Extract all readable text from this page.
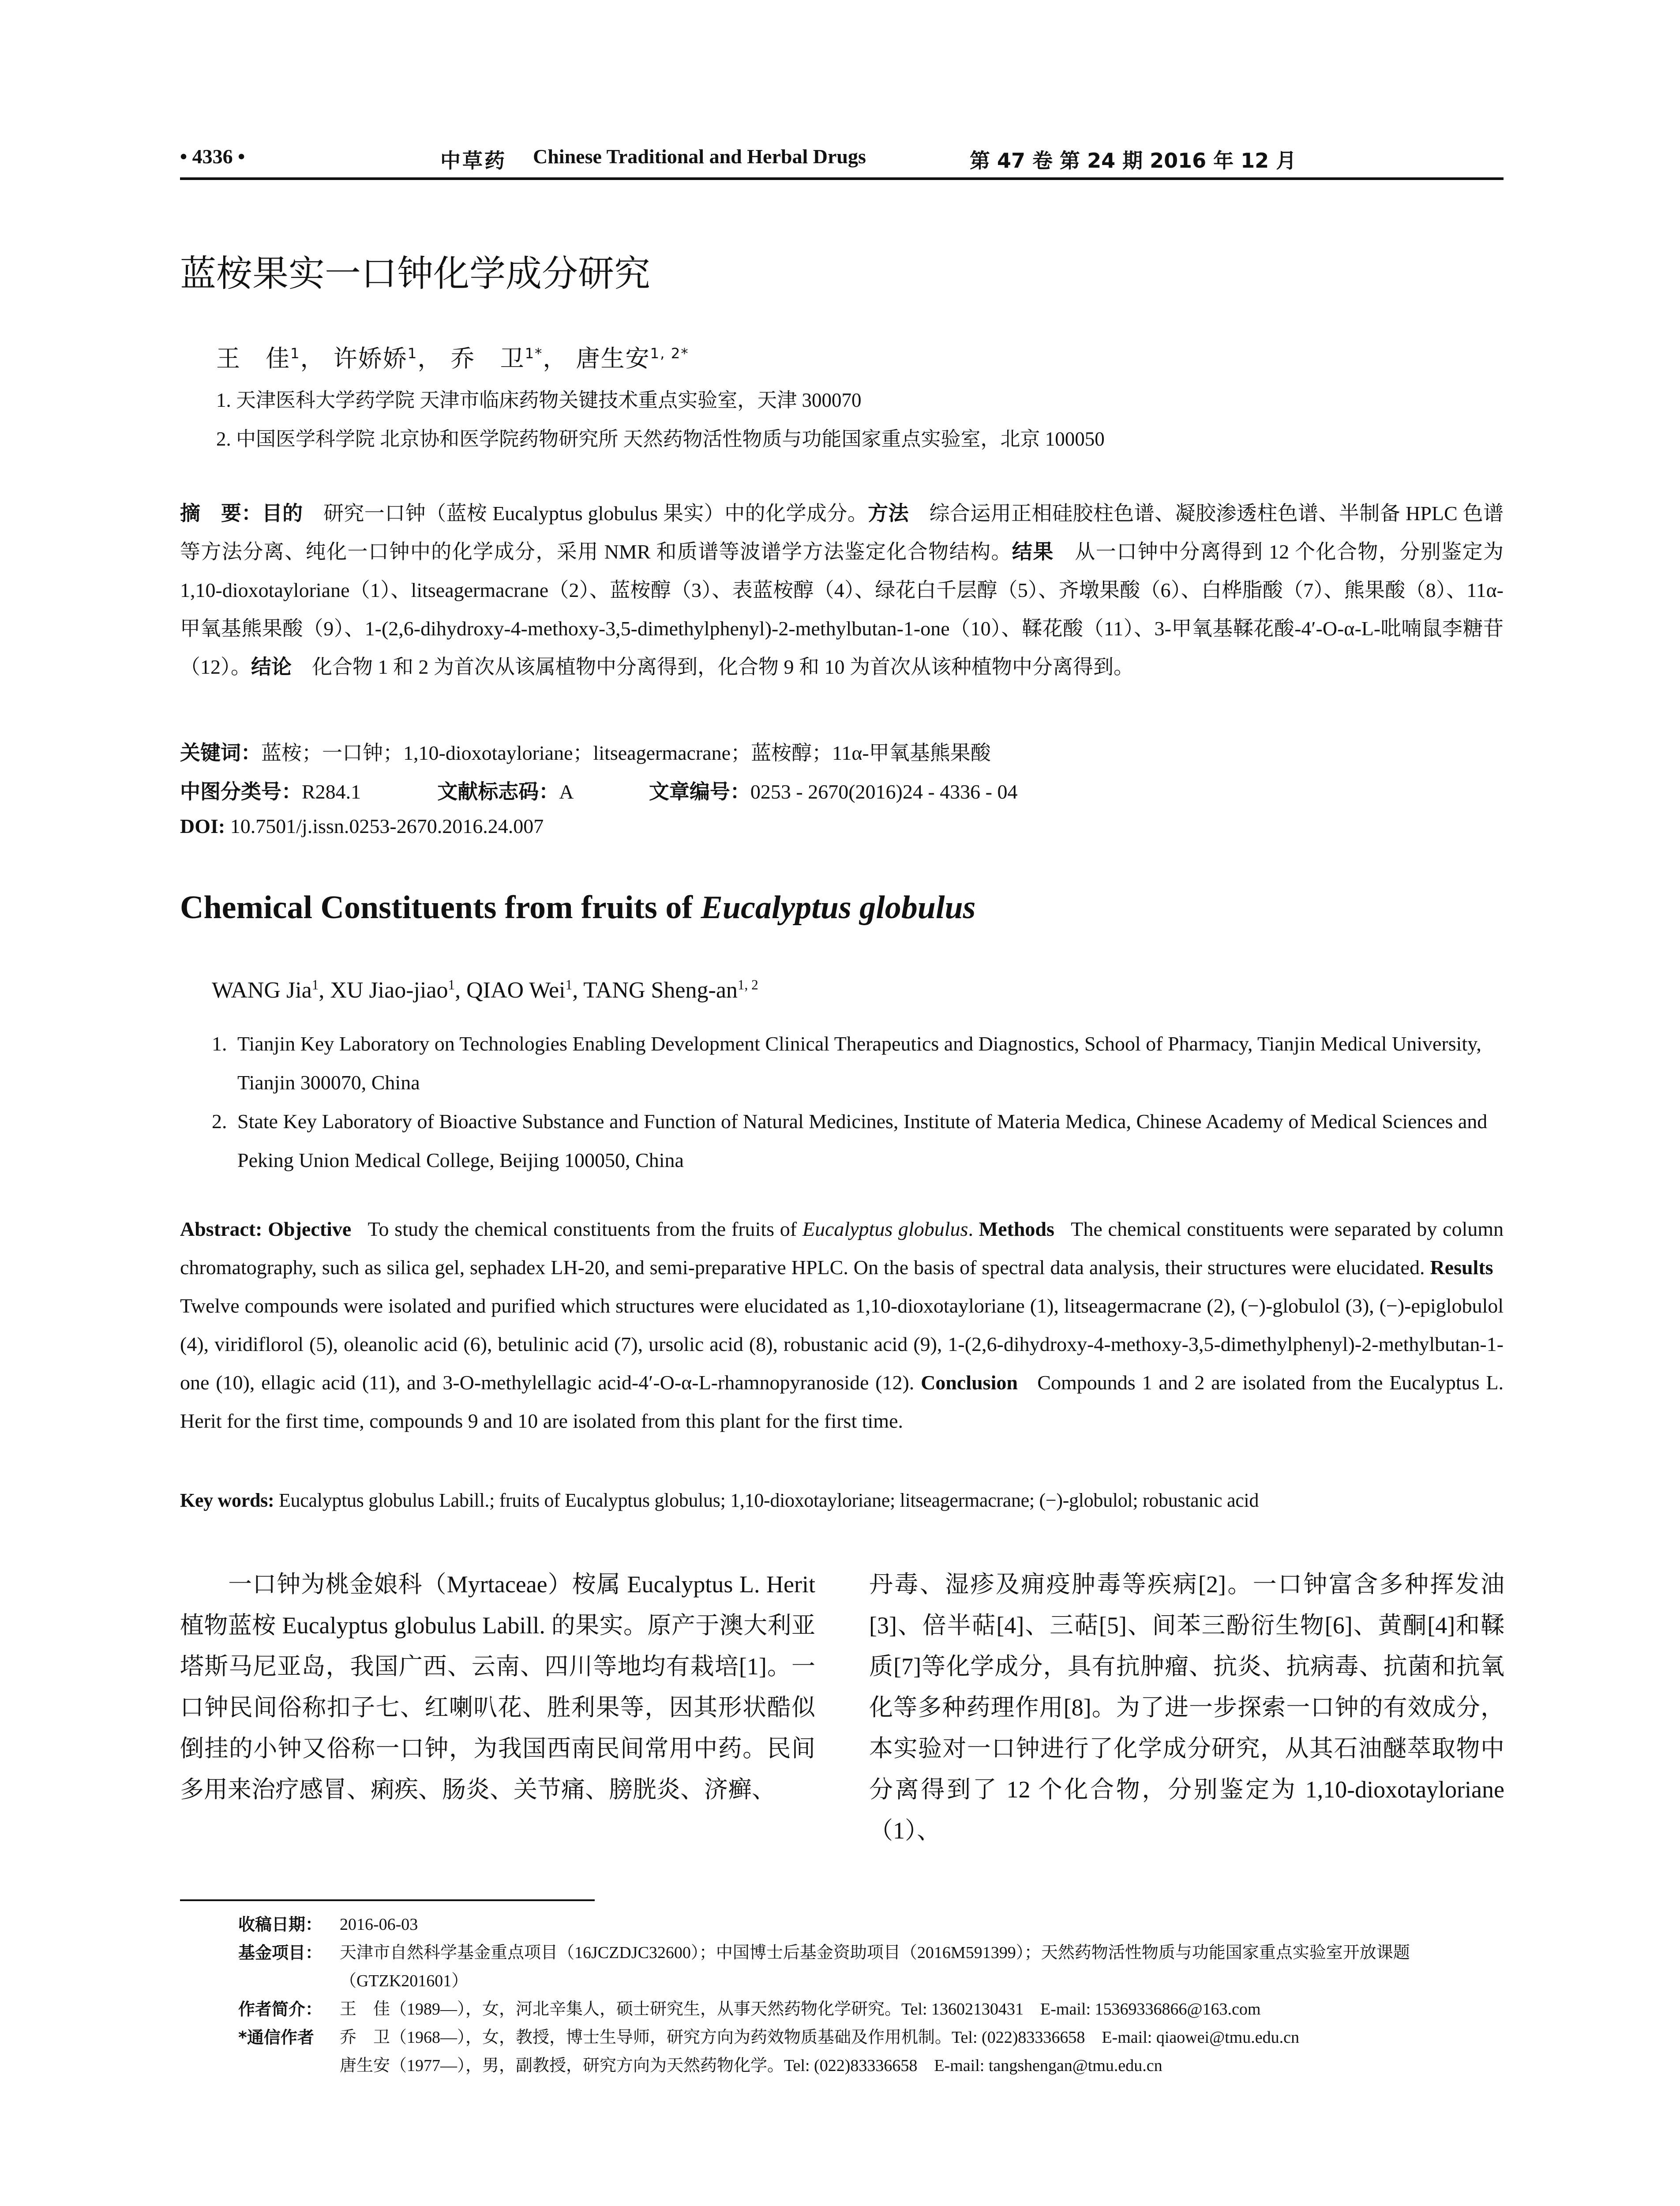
• 4336 •	中草药 Chinese Traditional and Herbal Drugs	第 47 卷 第 24 期 2016 年 12 月
蓝桉果实一口钟化学成分研究
王　佳$^1$， 许娇娇$^1$， 乔　卫$^{1*}$， 唐生安$^{1, 2*}$
1. 天津医科大学药学院 天津市临床药物关键技术重点实验室，天津 300070
2. 中国医学科学院 北京协和医学院药物研究所 天然药物活性物质与功能国家重点实验室，北京 100050
摘　要：目的　 研究一口钟（蓝桉 Eucalyptus globulus 果实）中的化学成分。方法　 综合运用正相硅胶柱色谱、凝胶渗透柱色谱、半制备 HPLC 色谱等方法分离、纯化一口钟中的化学成分，采用 NMR 和质谱等波谱学方法鉴定化合物结构。结果　 从一口钟中分离得到 12 个化合物，分别鉴定为 1,10-dioxotayloriane（1）、litseagermacrane（2）、蓝桉醇（3）、表蓝桉醇（4）、绿花白千层醇（5）、齐墩果酸（6）、白桦脂酸（7）、熊果酸（8）、11α-甲氧基熊果酸（9）、1-(2,6-dihydroxy-4-methoxy-3,5-dimethylphenyl)-2-methylbutan-1-one（10）、鞣花酸（11）、3-甲氧基鞣花酸-4′-O-α-L-吡喃鼠李糖苷（12）。结论　 化合物 1 和 2 为首次从该属植物中分离得到，化合物 9 和 10 为首次从该种植物中分离得到。
关键词：蓝桉；一口钟；1,10-dioxotayloriane；litseagermacrane；蓝桉醇；11α-甲氧基熊果酸
中图分类号：R284.1	文献标志码：A	文章编号：0253 - 2670(2016)24 - 4336 - 04
DOI: 10.7501/j.issn.0253-2670.2016.24.007
Chemical Constituents from fruits of Eucalyptus globulus
WANG Jia$^1$, XU Jiao-jiao$^1$, QIAO Wei$^1$, TANG Sheng-an$^{1, 2}$
1. Tianjin Key Laboratory on Technologies Enabling Development Clinical Therapeutics and Diagnostics, School of Pharmacy, Tianjin Medical University, Tianjin 300070, China
2. State Key Laboratory of Bioactive Substance and Function of Natural Medicines, Institute of Materia Medica, Chinese Academy of Medical Sciences and Peking Union Medical College, Beijing 100050, China
Abstract: Objective To study the chemical constituents from the fruits of Eucalyptus globulus. Methods The chemical constituents were separated by column chromatography, such as silica gel, sephadex LH-20, and semi-preparative HPLC. On the basis of spectral data analysis, their structures were elucidated. Results   Twelve compounds were isolated and purified which structures were elucidated as 1,10-dioxotayloriane (1), litseagermacrane (2), (−)-globulol (3), (−)-epiglobulol (4), viridiflorol (5), oleanolic acid (6), betulinic acid (7), ursolic acid (8), robustanic acid (9), 1-(2,6-dihydroxy-4-methoxy-3,5-dimethylphenyl)-2-methylbutan-1-one (10), ellagic acid (11), and 3-O-methylellagic acid-4′-O-α-L-rhamnopyranoside (12). Conclusion Compounds 1 and 2 are isolated from the Eucalyptus L. Herit for the first time, compounds 9 and 10 are isolated from this plant for the first time.
Key words: Eucalyptus globulus Labill.; fruits of Eucalyptus globulus; 1,10-dioxotayloriane; litseagermacrane; (−)-globulol; robustanic acid
一口钟为桃金娘科（Myrtaceae）桉属 Eucalyptus L. Herit 植物蓝桉 Eucalyptus globulus Labill. 的果实。原产于澳大利亚塔斯马尼亚岛，我国广西、云南、四川等地均有栽培[1]。一口钟民间俗称扣子七、红喇叭花、胜利果等，因其形状酷似倒挂的小钟又俗称一口钟，为我国西南民间常用中药。民间多用来治疗感冒、痢疾、肠炎、关节痛、膀胱炎、济癣、
丹毒、湿疹及痈疫肿毒等疾病[2]。一口钟富含多种挥发油[3]、倍半萜[4]、三萜[5]、间苯三酚衍生物[6]、黄酮[4]和鞣质[7]等化学成分，具有抗肿瘤、抗炎、抗病毒、抗菌和抗氧化等多种药理作用[8]。为了进一步探索一口钟的有效成分，本实验对一口钟进行了化学成分研究，从其石油醚萃取物中分离得到了 12 个化合物，分别鉴定为 1,10-dioxotayloriane（1）、
收稿日期：	2016-06-03
基金项目：	天津市自然科学基金重点项目（16JCZDJC32600）；中国博士后基金资助项目（2016M591399）；天然药物活性物质与功能国家重点实验室开放课题（GTZK201601）
作者简介：	王　佳（1989—），女，河北辛集人，硕士研究生，从事天然药物化学研究。Tel: 13602130431　E-mail: 15369336866@163.com
*通信作者	乔　卫（1968—），女，教授，博士生导师，研究方向为药效物质基础及作用机制。Tel: (022)83336658　E-mail: qiaowei@tmu.edu.cn
唐生安（1977—），男，副教授，研究方向为天然药物化学。Tel: (022)83336658　E-mail: tangshengan@tmu.edu.cn
